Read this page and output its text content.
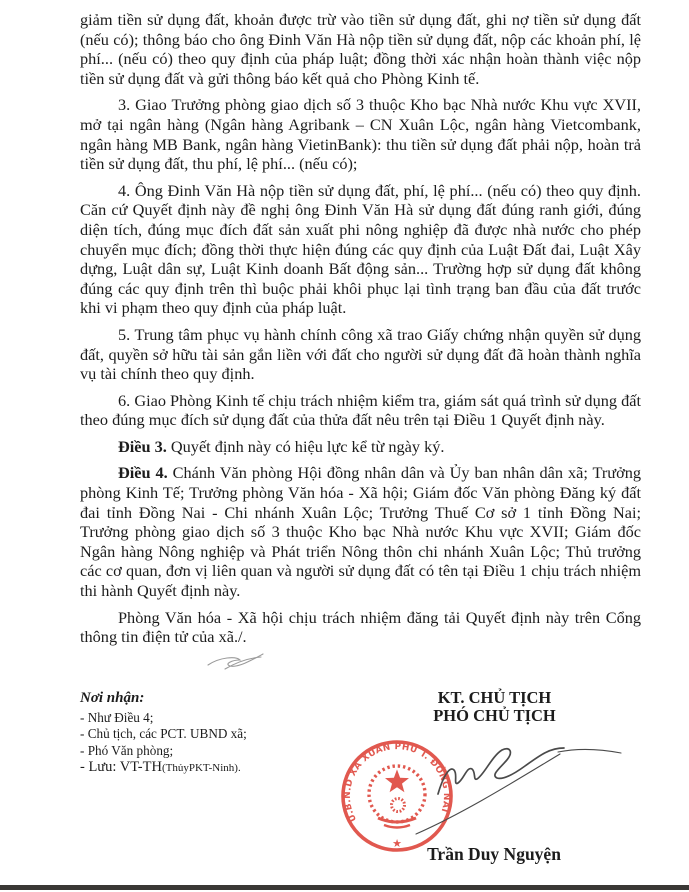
giảm tiền sử dụng đất, khoản được trừ vào tiền sử dụng đất, ghi nợ tiền sử dụng đất (nếu có); thông báo cho ông Đinh Văn Hà nộp tiền sử dụng đất, nộp các khoản phí, lệ phí... (nếu có) theo quy định của pháp luật; đồng thời xác nhận hoàn thành việc nộp tiền sử dụng đất và gửi thông báo kết quả cho Phòng Kinh tế.

3. Giao Trưởng phòng giao dịch số 3 thuộc Kho bạc Nhà nước Khu vực XVII, mở tại ngân hàng (Ngân hàng Agribank – CN Xuân Lộc, ngân hàng Vietcombank, ngân hàng MB Bank, ngân hàng VietinBank): thu tiền sử dụng đất phải nộp, hoàn trả tiền sử dụng đất, thu phí, lệ phí... (nếu có);

4. Ông Đinh Văn Hà nộp tiền sử dụng đất, phí, lệ phí... (nếu có) theo quy định. Căn cứ Quyết định này đề nghị ông Đinh Văn Hà sử dụng đất đúng ranh giới, đúng diện tích, đúng mục đích đất sản xuất phi nông nghiệp đã được nhà nước cho phép chuyển mục đích; đồng thời thực hiện đúng các quy định của Luật Đất đai, Luật Xây dựng, Luật dân sự, Luật Kinh doanh Bất động sản... Trường hợp sử dụng đất không đúng các quy định trên thì buộc phải khôi phục lại tình trạng ban đầu của đất trước khi vi phạm theo quy định của pháp luật.

5. Trung tâm phục vụ hành chính công xã trao Giấy chứng nhận quyền sử dụng đất, quyền sở hữu tài sản gắn liền với đất cho người sử dụng đất đã hoàn thành nghĩa vụ tài chính theo quy định.

6. Giao Phòng Kinh tế chịu trách nhiệm kiểm tra, giám sát quá trình sử dụng đất theo đúng mục đích sử dụng đất của thửa đất nêu trên tại Điều 1 Quyết định này.

Điều 3. Quyết định này có hiệu lực kể từ ngày ký.

Điều 4. Chánh Văn phòng Hội đồng nhân dân và Ủy ban nhân dân xã; Trưởng phòng Kinh Tế; Trưởng phòng Văn hóa - Xã hội; Giám đốc Văn phòng Đăng ký đất đai tỉnh Đồng Nai - Chi nhánh Xuân Lộc; Trưởng Thuế Cơ sở 1 tỉnh Đồng Nai; Trưởng phòng giao dịch số 3 thuộc Kho bạc Nhà nước Khu vực XVII; Giám đốc Ngân hàng Nông nghiệp và Phát triển Nông thôn chi nhánh Xuân Lộc; Thủ trưởng các cơ quan, đơn vị liên quan và người sử dụng đất có tên tại Điều 1 chịu trách nhiệm thi hành Quyết định này.

Phòng Văn hóa - Xã hội chịu trách nhiệm đăng tải Quyết định này trên Cổng thông tin điện tử của xã./.

Nơi nhận:

- Như Điều 4;
- Chủ tịch, các PCT. UBND xã;
- Phó Văn phòng;
- Lưu: VT-TH(ThủyPKT-Ninh).
KT. CHỦ TỊCH
PHÓ CHỦ TỊCH
U.B.N.D XÃ XUÂN PHÚ T. ĐỒNG NAI
★
Trần Duy Nguyện
